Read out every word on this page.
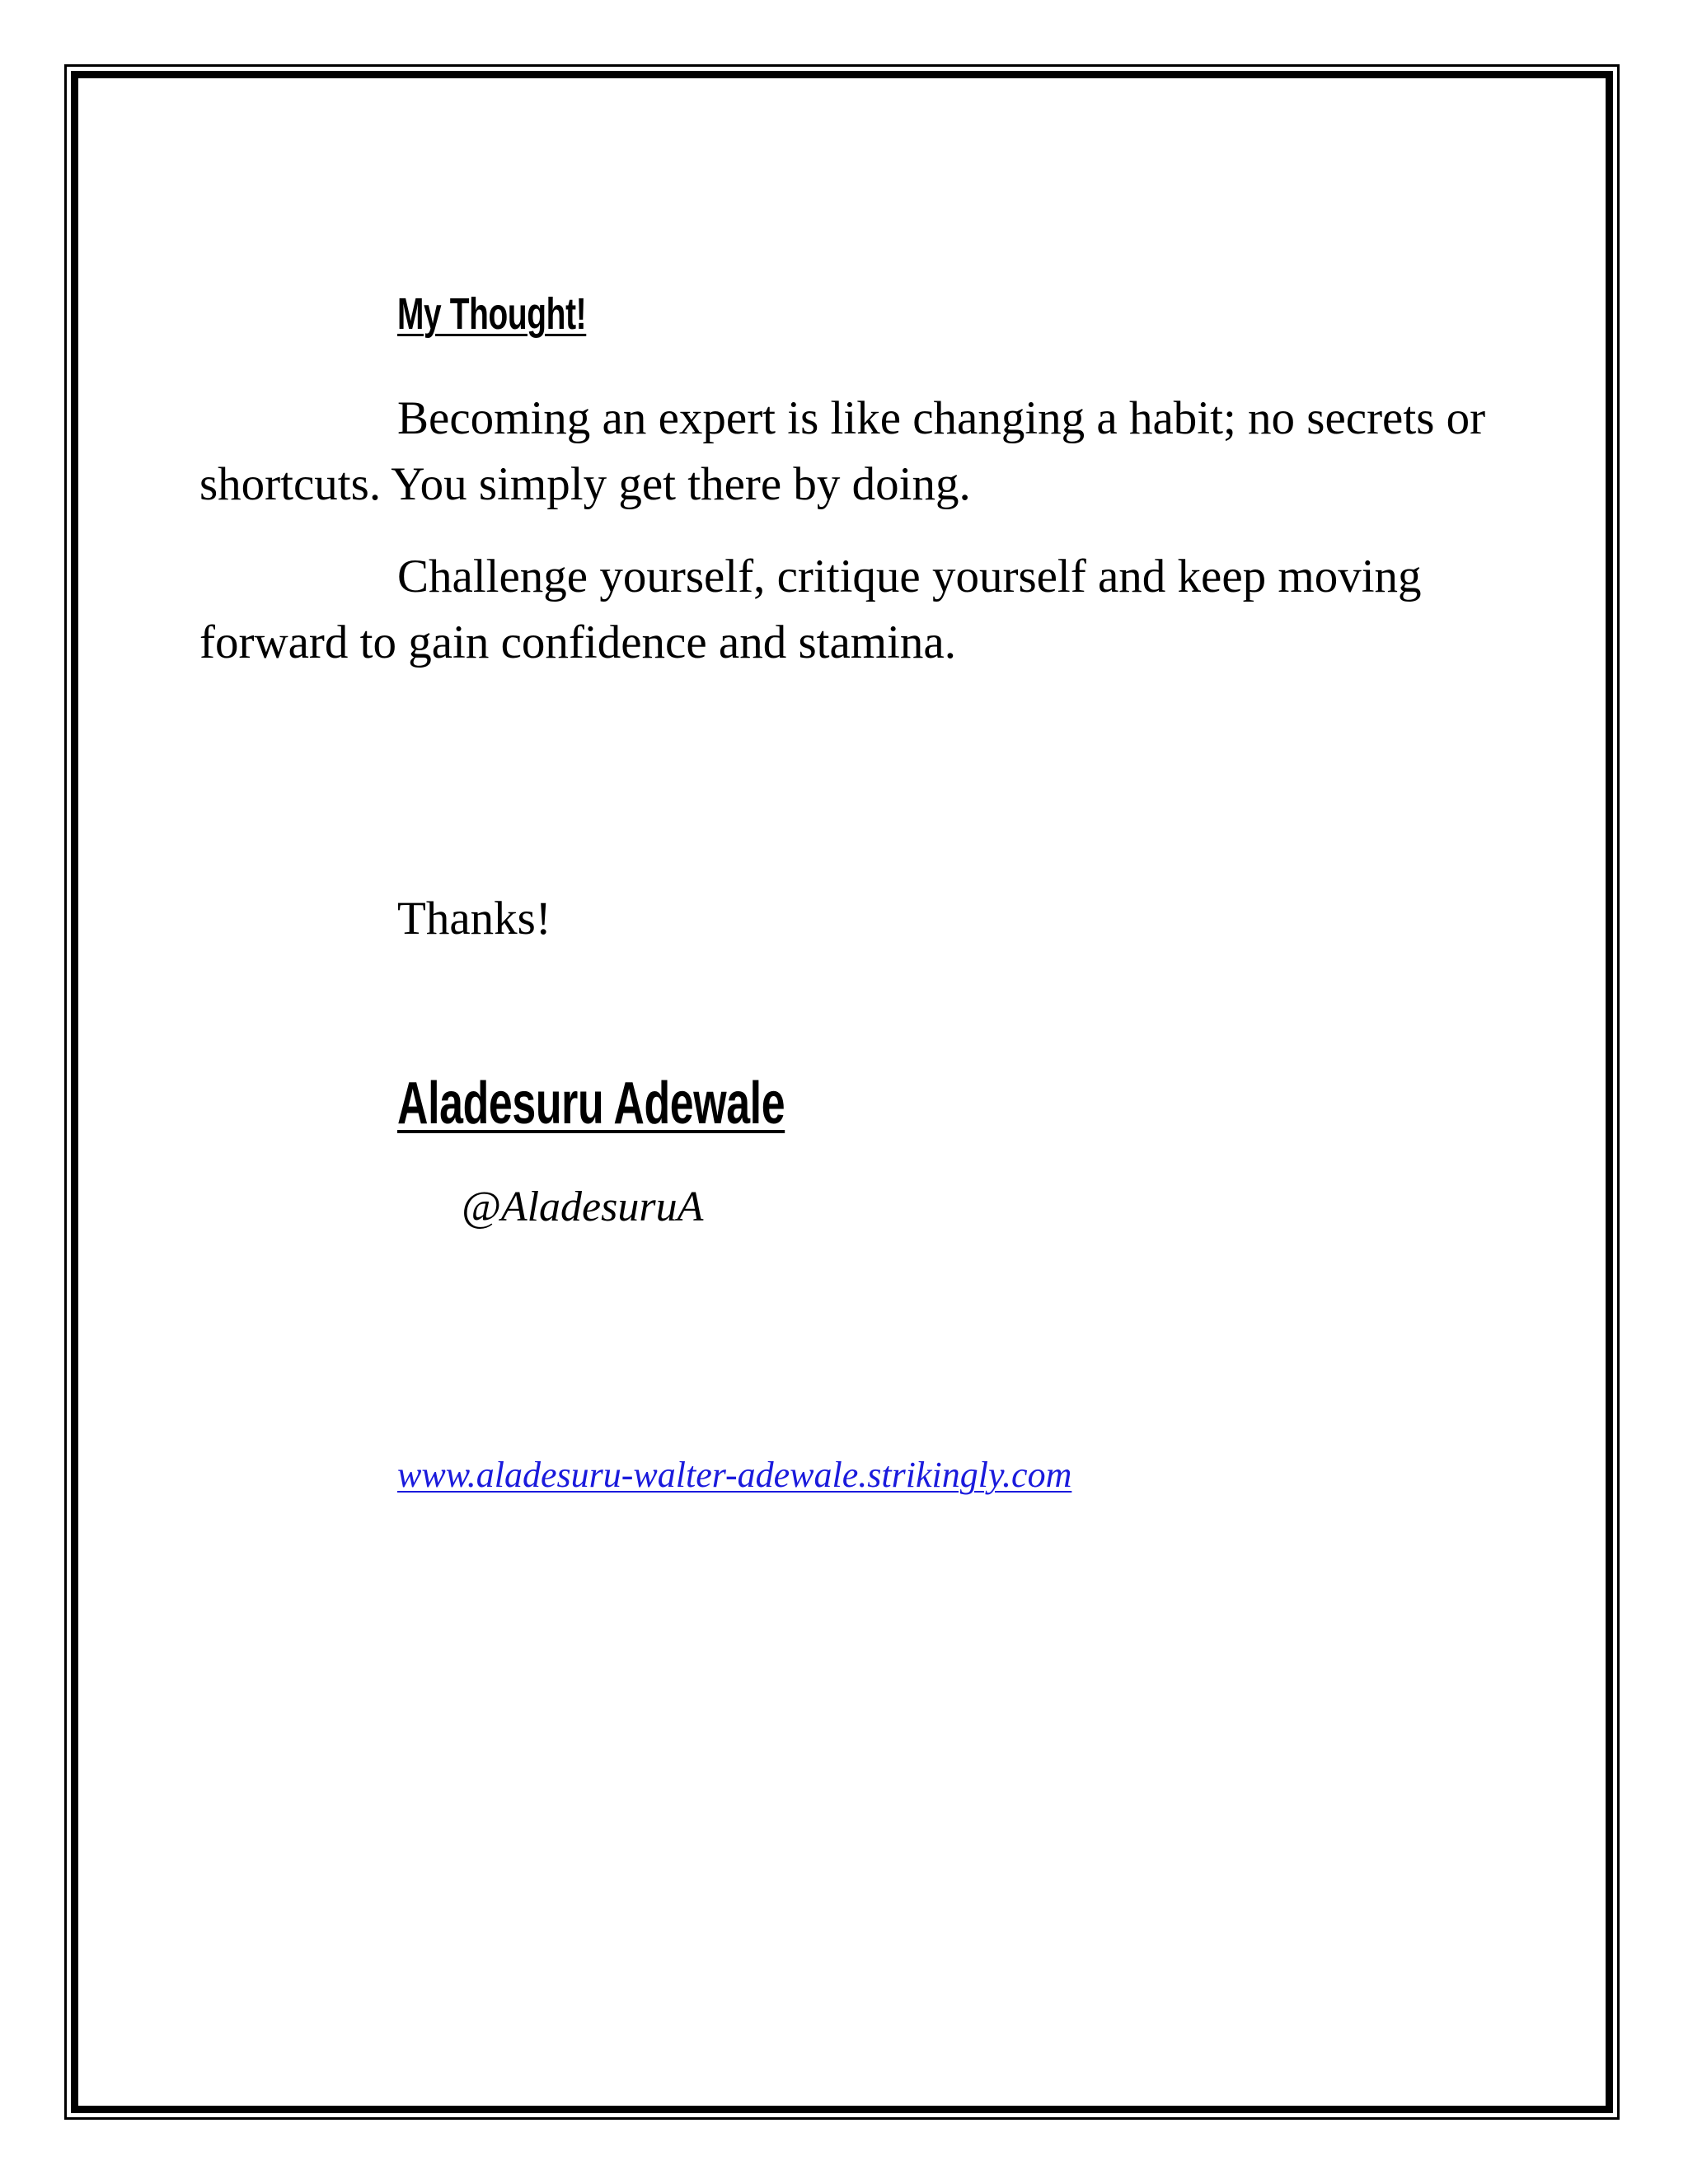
My Thought!

Becoming an expert is like changing a habit; no secrets or shortcuts. You simply get there by doing.

Challenge yourself, critique yourself and keep moving forward to gain confidence and stamina.

Thanks!

Aladesuru Adewale

@AladesuruA

www.aladesuru-walter-adewale.strikingly.com
